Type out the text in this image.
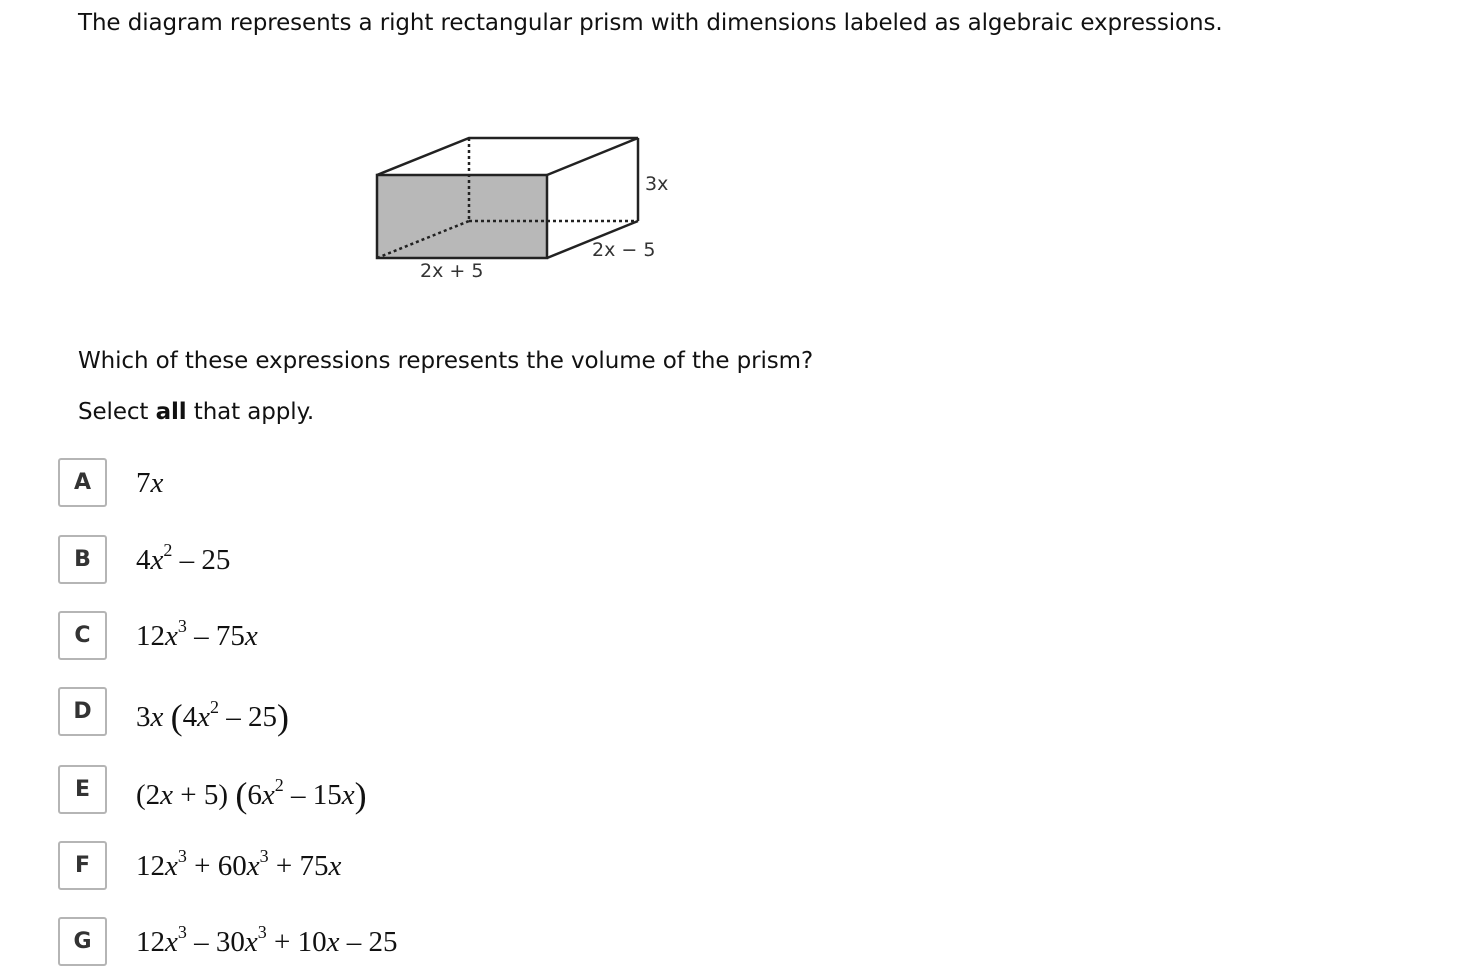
The diagram represents a right rectangular prism with dimensions labeled as algebraic expressions.
3x
2x − 5
2x + 5
Which of these expressions represents the volume of the prism?
Select all that apply.
A	7x
B	$4x^2 - 25$
C	$12x^3 - 75x$
D	3x $(4x^2 - 25)$
E	(2x + 5) $(6x^2 - 15x)$
F	$12x^3 + 60x^3 + 75x$
G	$12x^3 - 30x^3 + 10x - 25$
